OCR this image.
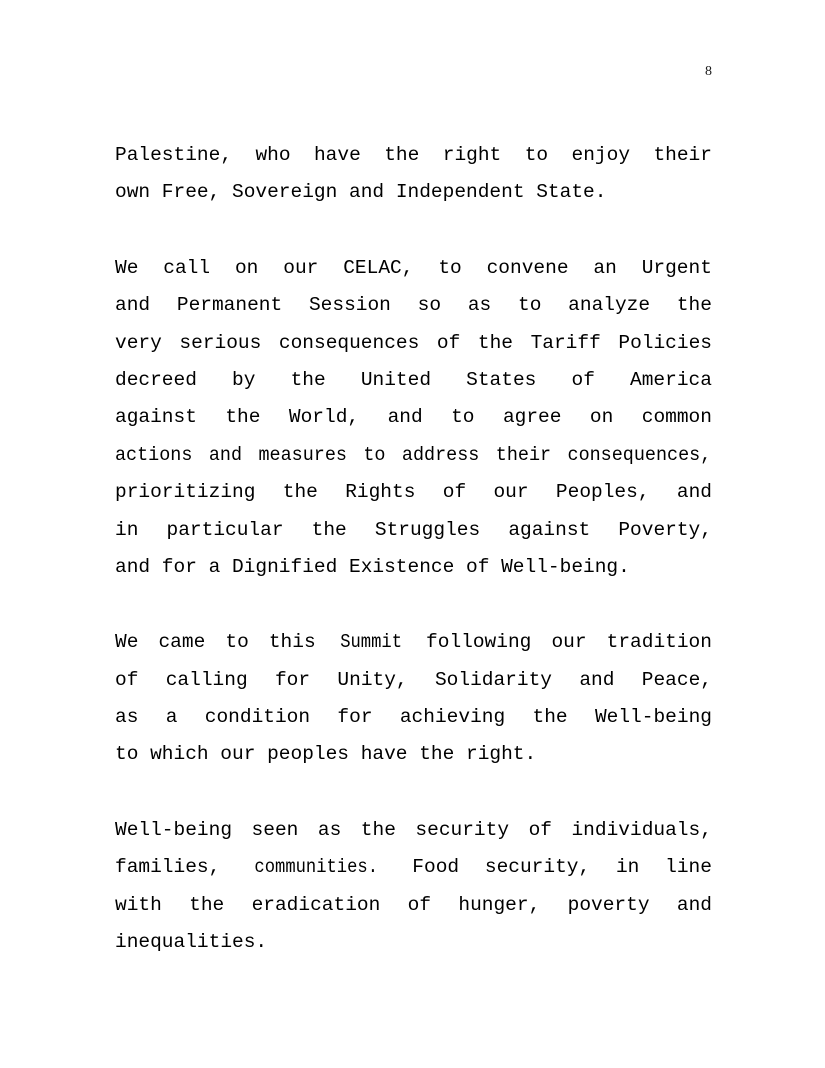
8
Palestine, who have the right to enjoy their
own Free, Sovereign and Independent State.
We call on our CELAC, to convene an Urgent
and Permanent Session so as to analyze the
very serious consequences of the Tariff Policies
decreed by the United States of America
against the World, and to agree on common
actions and measures to address their consequences,
prioritizing the Rights of our Peoples, and
in particular the Struggles against Poverty,
and for a Dignified Existence of Well-being.
We came to this Summit following our tradition
of calling for Unity, Solidarity and Peace,
as a condition for achieving the Well-being
to which our peoples have the right.
Well-being seen as the security of individuals,
families, communities. Food security, in line
with the eradication of hunger, poverty and
inequalities.
